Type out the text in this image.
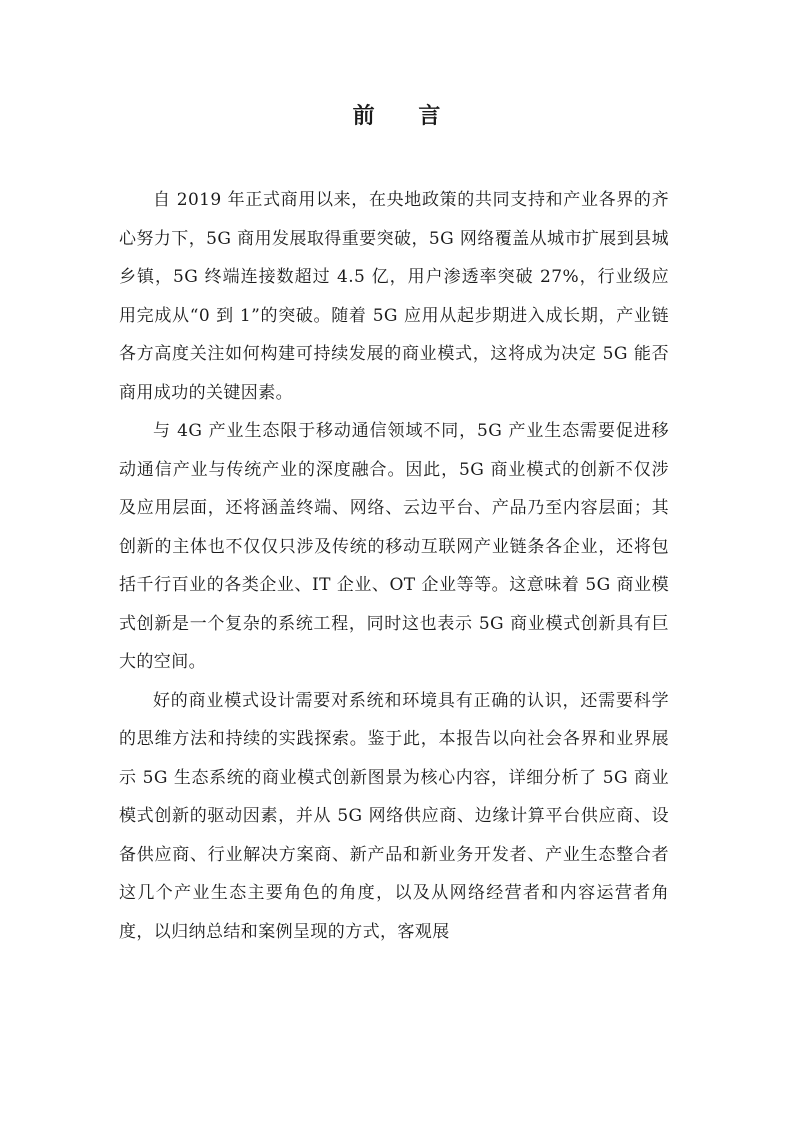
前 言

自 2019 年正式商用以来，在央地政策的共同支持和产业各界的齐心努力下，5G 商用发展取得重要突破，5G 网络覆盖从城市扩展到县城乡镇，5G 终端连接数超过 4.5 亿，用户渗透率突破 27%，行业级应用完成从“0 到 1”的突破。随着 5G 应用从起步期进入成长期，产业链各方高度关注如何构建可持续发展的商业模式，这将成为决定 5G 能否商用成功的关键因素。

与 4G 产业生态限于移动通信领域不同，5G 产业生态需要促进移动通信产业与传统产业的深度融合。因此，5G 商业模式的创新不仅涉及应用层面，还将涵盖终端、网络、云边平台、产品乃至内容层面；其创新的主体也不仅仅只涉及传统的移动互联网产业链条各企业，还将包括千行百业的各类企业、IT 企业、OT 企业等等。这意味着 5G 商业模式创新是一个复杂的系统工程，同时这也表示 5G 商业模式创新具有巨大的空间。

好的商业模式设计需要对系统和环境具有正确的认识，还需要科学的思维方法和持续的实践探索。鉴于此，本报告以向社会各界和业界展示 5G 生态系统的商业模式创新图景为核心内容，详细分析了 5G 商业模式创新的驱动因素，并从 5G 网络供应商、边缘计算平台供应商、设备供应商、行业解决方案商、新产品和新业务开发者、产业生态整合者这几个产业生态主要角色的角度，以及从网络经营者和内容运营者角度，以归纳总结和案例呈现的方式，客观展
